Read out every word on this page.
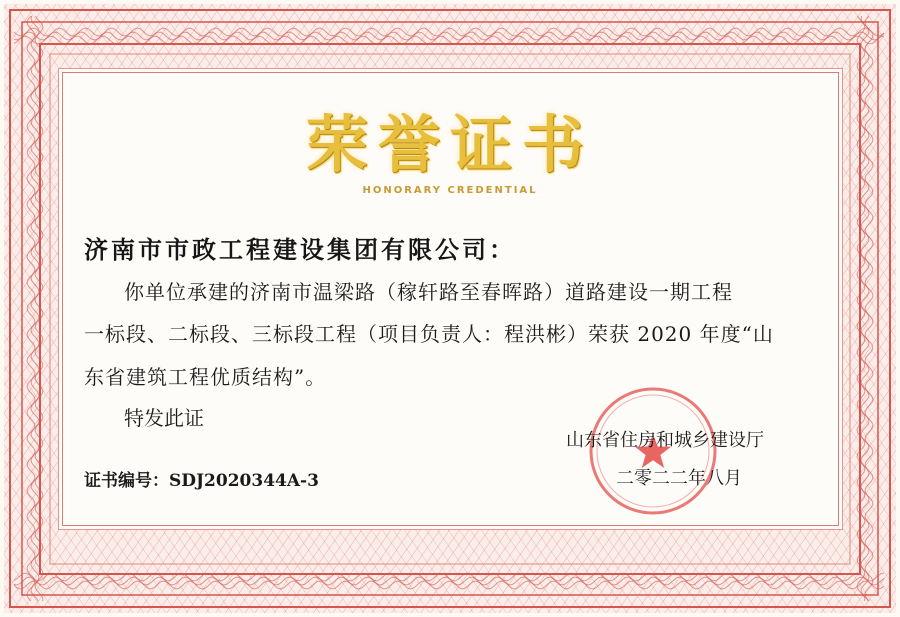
荣誉证书
HONORARY CREDENTIAL
济南市市政工程建设集团有限公司：
你单位承建的济南市温梁路（稼轩路至春晖路）道路建设一期工程
一标段、二标段、三标段工程（项目负责人：程洪彬）荣获 2020 年度“山
东省建筑工程优质结构”。
特发此证
山东省住房和城乡建设厅
二零二二年八月
证书编号：SDJ2020344A-3
